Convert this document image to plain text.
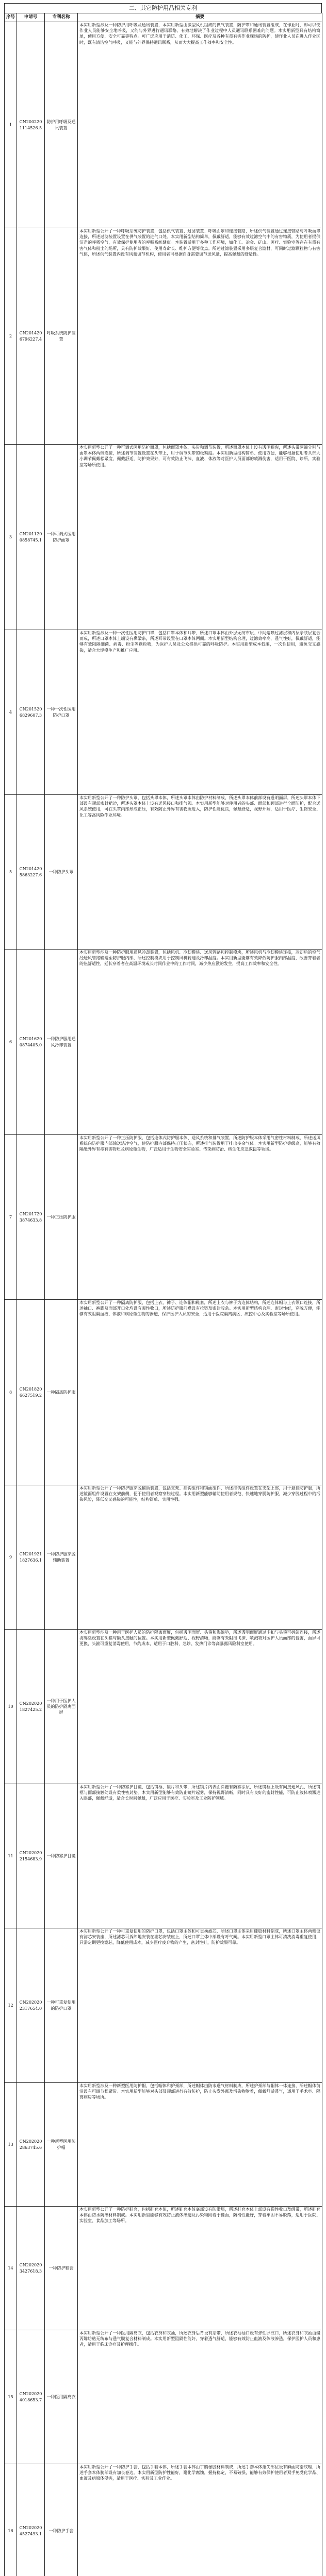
二、其它防护用品相关专利
序号	申请号	专利名称	摘要
1	CN2002201114526.5	防护用呼吸及通讯装置	本实用新型涉及一种防护用呼吸及通讯装置，本实用新型由微型风机组成的供气装置，防护罩和通讯装置组成，在作业时，即可以使作业人员能够安全地呼吸，又能与外界进行通讯联络。有效地解决了作业过程中人员通讯联系困难的问题。本实用新型具有结构简单，使用方便，安全可靠等特点。可广泛应用于消防、化工、环保、医疗及各种有毒有害作业现场的防护，使作业人员在进入作业区时，既有清洁空气呼吸，又能与外界保持通讯联系，从而大大提高工作效率和安全性。
2	CN2014206796227.4	呼吸系统防护装置	本实用新型公开了一种呼吸系统防护装置，包括供气装置、过滤装置、呼吸面罩和连接管路，所述供气装置通过连接管路与呼吸面罩连接，所述过滤装置设置在供气装置的进气口处。本实用新型结构简单，佩戴舒适，能够有效过滤空气中的有害物质，为使用者提供洁净的呼吸空气，有效保护使用者的呼吸系统健康。本装置适用于多种工作环境，如化工、冶金、矿山、医疗、实验室等存在有毒有害气体和粉尘的场所，具有防护效果好、使用寿命长、维护方便等优点。所述过滤装置采用多层复合滤材，可同时过滤颗粒物与有害气体，所述供气装置内设有风量调节机构，使用者可根据自身需要调节送风量，提高佩戴的舒适性。
3	CN2011200858745.1	一种可调式医用防护面罩	本实用新型公开了一种可调式医用防护面罩，包括面罩本体、头带和调节装置，所述面罩本体上设有透明视窗，所述头带两端分别与面罩本体两侧连接，所述调节装置设置在头带上，用于调节头带的松紧度。本实用新型结构简单、使用方便，能够根据使用者头部大小调节佩戴松紧度，佩戴舒适，防护效果好，可有效防止飞沫、血液、体液等对医护人员面部的喷溅伤害，适用于医院、诊所、实验室等场所使用。
4	CN2015206829607.3	一种一次性医用防护口罩	本实用新型涉及一种一次性医用防护口罩，包括口罩本体和耳带，所述口罩本体由外层无纺布层、中间熔喷过滤层和内层亲肤层复合而成，所述口罩本体上端设有鼻梁条，所述耳带设置在口罩本体两侧。本实用新型结构合理，过滤效率高，透气性好，佩戴舒适，能够有效阻隔细菌、病毒、粉尘等颗粒物，为医护人员及公众提供可靠的呼吸防护。本实用新型成本低廉，一次性使用，避免交叉感染，适合大规模生产和推广应用。
5	CN2014205863227.6	一种防护头罩	本实用新型公开了一种防护头罩，包括头罩本体，所述头罩本体由防护材料制成，所述头罩本体前部设有透明面屏，所述头罩本体下部设有颈部密封裙边，所述头罩本体上设有送风接口和排气阀。本实用新型能够对使用者的头部、面部和颈部进行全面防护，配合送风系统使用，可在头罩内部形成正压，有效防止外界有害物质进入，防护性能优良，佩戴舒适，视野开阔，适用于医疗、生物安全、化工等高风险作业环境。
6	CN2016200874405.0	一种防护服用通风冷却装置	本实用新型涉及一种防护服用通风冷却装置，包括风机、冷却模块、送风管路和控制模块，所述风机与冷却模块连接，冷却后的空气经送风管路输送至防护服内部，所述控制模块用于控制风机转速及冷却温度。本实用新型能够有效降低防护服内部温度，改善穿着者的热舒适性，延长穿着者在高温环境或长时间作业中的工作时间，减少热应激的发生，提高工作效率和安全性。
7	CN2017203874633.8	一种正压防护服	本实用新型公开了一种正压防护服，包括连体式防护服本体、送风系统和排气装置，所述防护服本体采用气密性材料制成，所述送风系统向防护服内部输送洁净空气，使防护服内部保持正压状态，所述排气装置用于排出多余气体。本实用新型防护等级高，能够有效隔绝外界有毒有害物质及病原微生物，广泛适用于生物安全实验室、传染病防治、核生化应急救援等领域。
8	CN2018206627519.2	一种隔离防护服	本实用新型公开了一种隔离防护服，包括上衣、裤子、连体帽和鞋套，所述上衣与裤子为连体结构，所述连体帽与上衣领口连接，所述袖口、裤脚及面部开口处均设有弹性收口，所述防护服前襟设有拉链及密封胶条。本实用新型结构合理、密封性好，穿脱方便，能够有效阻隔血液、体液和病原微生物的渗透，保护医护人员的安全，适用于医院隔离病区、疾控中心及实验室等场所使用。
9	CN2019211827636.1	一种防护服穿脱辅助装置	本实用新型公开了一种防护服穿脱辅助装置，包括支架、挂钩组件和镜面组件，所述挂钩组件设置在支架上部，用于悬挂防护服，所述镜面组件设置在支架前侧，便于使用者观察穿脱过程。本实用新型能够辅助使用者规范、快速地穿脱防护服，减少穿脱过程中的污染风险，降低交叉感染的可能性，结构简单、实用性强。
10	CN2020201827425.2	一种用于医护人员的防护隔离面屏	本实用新型涉及一种用于医护人员的防护隔离面屏，包括透明面屏、头箍和海绵垫，所述透明面屏通过卡扣与头箍可拆卸连接，所述海绵垫设置在头箍与额头接触的位置。本实用新型佩戴舒适、视野清晰，能够有效阻挡飞沫、喷溅物对医护人员面部的侵害，面屏可更换，头箍可重复消毒使用，节约成本，适用于口腔科、急诊、发热门诊等高暴露风险科室使用。
11	CN2020202154683.9	一种防雾护目镜	本实用新型公开了一种防雾护目镜，包括镜框、镜片和头带，所述镜片内表面涂覆有防雾涂层，所述镜框上设有间接通风孔，所述镜框与面部接触处设有柔性密封垫。本实用新型能够有效防止镜片起雾，保持视野清晰，同时具有良好的密封性能，可防止液体喷溅进入眼部，佩戴舒适，适合长时间佩戴，广泛应用于医疗、实验室及工业防护领域。
12	CN2020202317654.0	一种可重复使用的防护口罩	本实用新型公开了一种可重复使用的防护口罩，包括口罩主体和可更换滤芯，所述口罩主体采用硅胶材料制成，所述口罩主体两侧设有滤芯安装座，所述滤芯可拆卸地安装在滤芯安装座上，所述口罩主体中部设有呼气阀。本实用新型口罩主体可清洗消毒重复使用，只需定期更换滤芯，降低使用成本，减少医疗废弃物的产生，密封性好，防护效果可靠。
13	CN2020202863745.6	一种新型医用防护帽	本实用新型涉及一种新型医用防护帽，包括帽体和护颈部，所述帽体由防水透气材料制成，所述护颈部与帽体一体连接，所述帽体前沿设有可调节松紧带。本实用新型能够对头部及颈部进行有效防护，防止头发外露及污染物附着，佩戴舒适透气，适用于手术室、隔离病房等场所。
14	CN2020203427618.3	一种防护鞋套	本实用新型公开了一种防护鞋套，包括鞋套本体，所述鞋套本体底部设有防滑层，所述鞋套本体上部设有弹性收口及绑带，所述鞋套本体由防水防渗材料制成。本实用新型能够有效防止液体渗透及污染物附着于鞋面，防滑性能好，穿着牢固不易脱落，适用于医院、实验室、食品加工等场所。
15	CN2020204018653.7	一种医用隔离衣	本实用新型公开了一种医用隔离衣，包括衣身和衣袖，所述衣身后背设有系带，所述衣袖袖口设有弹性罗纹口，所述衣身和衣袖由聚丙烯纺粘无纺布与透气膜复合材料制成。本实用新型阻隔性能好，穿着透气舒适，能够有效防止血液及体液渗透，保护医护人员和患者，适用于临床诊疗及护理操作。
16	CN2020204527493.1	一种防护手套	本实用新型公开了一种防护手套，包括手套本体，所述手套本体由丁腈橡胶材料制成，所述手套本体指尖部位设有麻面防滑纹理，所述手套本体腕部设有加长卷边。本实用新型防护性能好，耐化学腐蚀，握持稳定，不易破损，能够有效保护使用者双手免受化学品、血液及病原体侵害，适用于医疗、实验及工业作业。
